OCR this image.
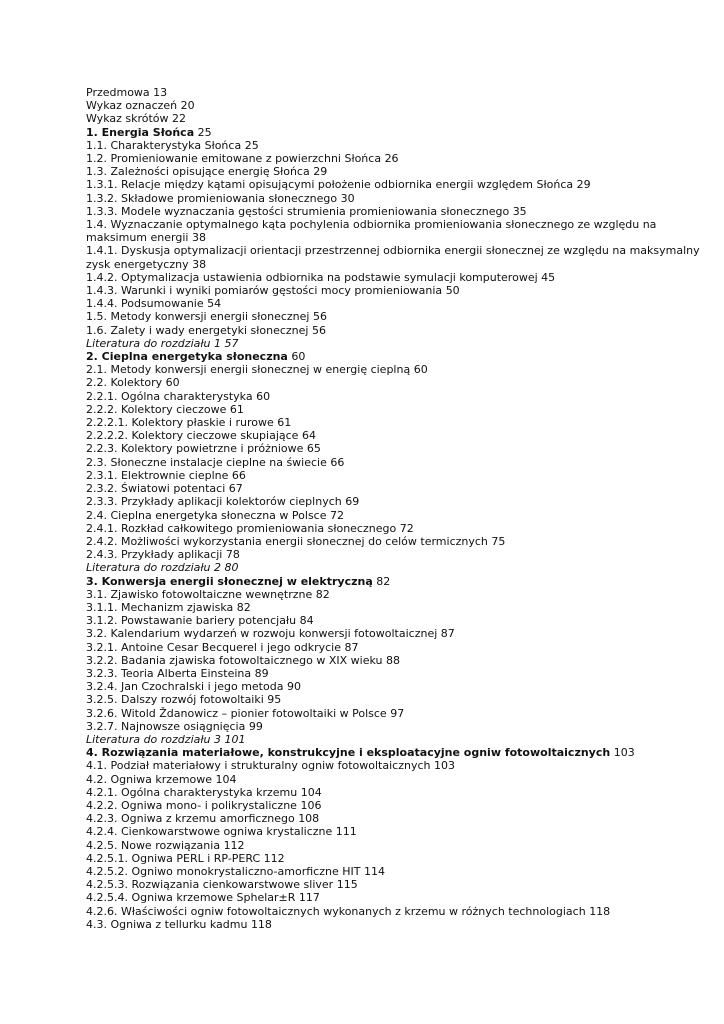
Przedmowa 13
Wykaz oznaczeń 20
Wykaz skrótów 22
1. Energia Słońca 25
1.1. Charakterystyka Słońca 25
1.2. Promieniowanie emitowane z powierzchni Słońca 26
1.3. Zależności opisujące energię Słońca 29
1.3.1. Relacje między kątami opisującymi położenie odbiornika energii względem Słońca 29
1.3.2. Składowe promieniowania słonecznego 30
1.3.3. Modele wyznaczania gęstości strumienia promieniowania słonecznego 35
1.4. Wyznaczanie optymalnego kąta pochylenia odbiornika promieniowania słonecznego ze względu na maksimum energii 38
1.4.1. Dyskusja optymalizacji orientacji przestrzennej odbiornika energii słonecznej ze względu na maksymalny zysk energetyczny 38
1.4.2. Optymalizacja ustawienia odbiornika na podstawie symulacji komputerowej 45
1.4.3. Warunki i wyniki pomiarów gęstości mocy promieniowania 50
1.4.4. Podsumowanie 54
1.5. Metody konwersji energii słonecznej 56
1.6. Zalety i wady energetyki słonecznej 56
Literatura do rozdziału 1 57
2. Cieplna energetyka słoneczna 60
2.1. Metody konwersji energii słonecznej w energię cieplną 60
2.2. Kolektory 60
2.2.1. Ogólna charakterystyka 60
2.2.2. Kolektory cieczowe 61
2.2.2.1. Kolektory płaskie i rurowe 61
2.2.2.2. Kolektory cieczowe skupiające 64
2.2.3. Kolektory powietrzne i próżniowe 65
2.3. Słoneczne instalacje cieplne na świecie 66
2.3.1. Elektrownie cieplne 66
2.3.2. Światowi potentaci 67
2.3.3. Przykłady aplikacji kolektorów cieplnych 69
2.4. Cieplna energetyka słoneczna w Polsce 72
2.4.1. Rozkład całkowitego promieniowania słonecznego 72
2.4.2. Możliwości wykorzystania energii słonecznej do celów termicznych 75
2.4.3. Przykłady aplikacji 78
Literatura do rozdziału 2 80
3. Konwersja energii słonecznej w elektryczną 82
3.1. Zjawisko fotowoltaiczne wewnętrzne 82
3.1.1. Mechanizm zjawiska 82
3.1.2. Powstawanie bariery potencjału 84
3.2. Kalendarium wydarzeń w rozwoju konwersji fotowoltaicznej 87
3.2.1. Antoine Cesar Becquerel i jego odkrycie 87
3.2.2. Badania zjawiska fotowoltaicznego w XIX wieku 88
3.2.3. Teoria Alberta Einsteina 89
3.2.4. Jan Czochralski i jego metoda 90
3.2.5. Dalszy rozwój fotowoltaiki 95
3.2.6. Witold Ždanowicz – pionier fotowoltaiki w Polsce 97
3.2.7. Najnowsze osiągnięcia 99
Literatura do rozdziału 3 101
4. Rozwiązania materiałowe, konstrukcyjne i eksploatacyjne ogniw fotowoltaicznych 103
4.1. Podział materiałowy i strukturalny ogniw fotowoltaicznych 103
4.2. Ogniwa krzemowe 104
4.2.1. Ogólna charakterystyka krzemu 104
4.2.2. Ogniwa mono- i polikrystaliczne 106
4.2.3. Ogniwa z krzemu amorficznego 108
4.2.4. Cienkowarstwowe ogniwa krystaliczne 111
4.2.5. Nowe rozwiązania 112
4.2.5.1. Ogniwa PERL i RP-PERC 112
4.2.5.2. Ogniwo monokrystaliczno-amorficzne HIT 114
4.2.5.3. Rozwiązania cienkowarstwowe sliver 115
4.2.5.4. Ogniwa krzemowe Sphelar±R 117
4.2.6. Właściwości ogniw fotowoltaicznych wykonanych z krzemu w różnych technologiach 118
4.3. Ogniwa z tellurku kadmu 118
